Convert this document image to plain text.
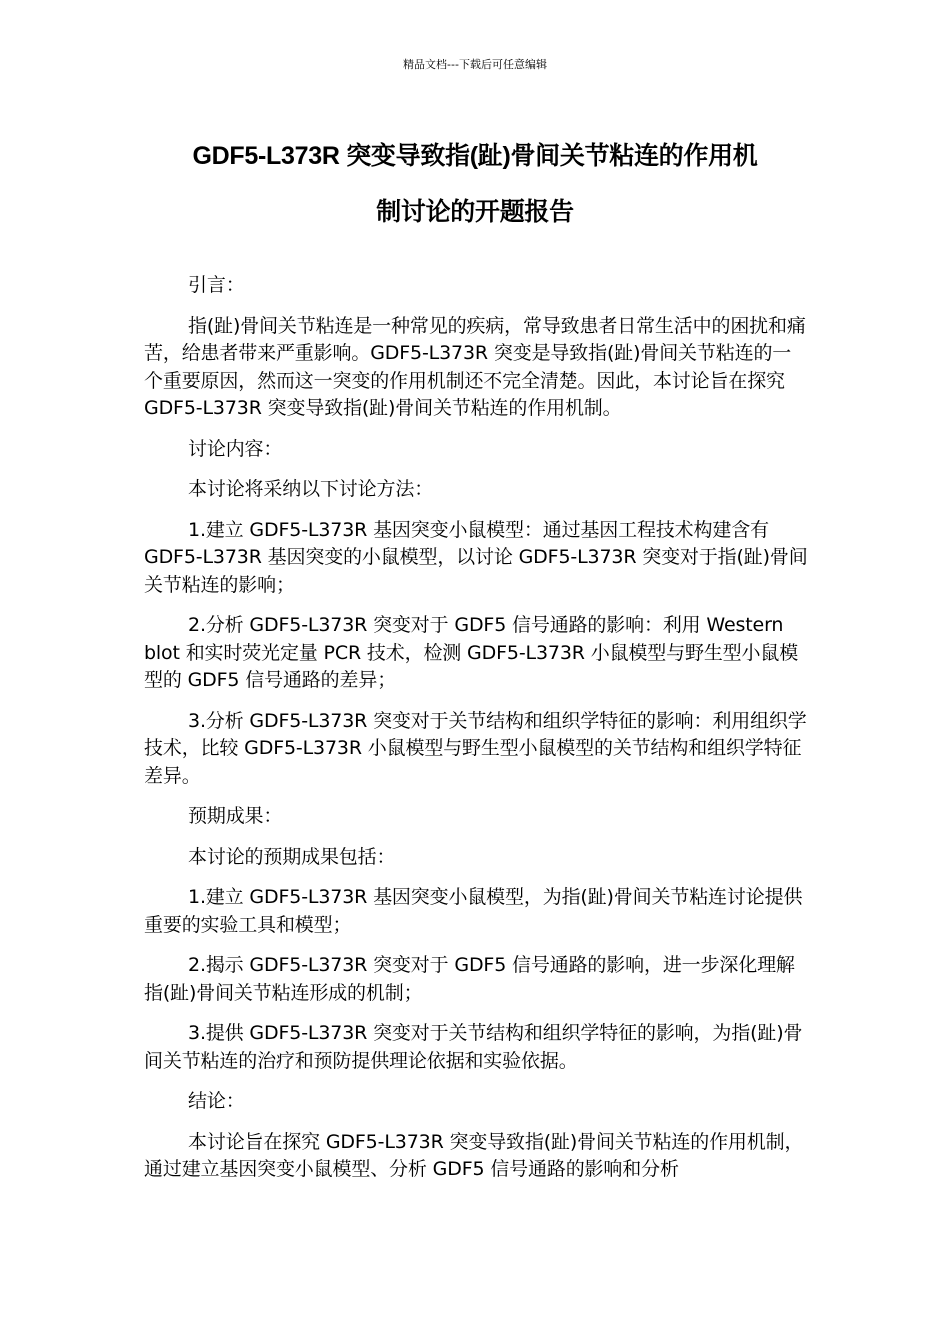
精品文档---下载后可任意编辑
GDF5-L373R 突变导致指(趾)骨间关节粘连的作用机
制讨论的开题报告

引言：

指(趾)骨间关节粘连是一种常见的疾病，常导致患者日常生活中的困扰和痛苦，给患者带来严重影响。GDF5-L373R 突变是导致指(趾)骨间关节粘连的一个重要原因，然而这一突变的作用机制还不完全清楚。因此，本讨论旨在探究 GDF5-L373R 突变导致指(趾)骨间关节粘连的作用机制。

讨论内容：

本讨论将采纳以下讨论方法：

1.建立 GDF5-L373R 基因突变小鼠模型：通过基因工程技术构建含有 GDF5-L373R 基因突变的小鼠模型，以讨论 GDF5-L373R 突变对于指(趾)骨间关节粘连的影响；

2.分析 GDF5-L373R 突变对于 GDF5 信号通路的影响：利用 Western blot 和实时荧光定量 PCR 技术，检测 GDF5-L373R 小鼠模型与野生型小鼠模型的 GDF5 信号通路的差异；

3.分析 GDF5-L373R 突变对于关节结构和组织学特征的影响：利用组织学技术，比较 GDF5-L373R 小鼠模型与野生型小鼠模型的关节结构和组织学特征差异。

预期成果：

本讨论的预期成果包括：

1.建立 GDF5-L373R 基因突变小鼠模型，为指(趾)骨间关节粘连讨论提供重要的实验工具和模型；

2.揭示 GDF5-L373R 突变对于 GDF5 信号通路的影响，进一步深化理解指(趾)骨间关节粘连形成的机制；

3.提供 GDF5-L373R 突变对于关节结构和组织学特征的影响，为指(趾)骨间关节粘连的治疗和预防提供理论依据和实验依据。

结论：

本讨论旨在探究 GDF5-L373R 突变导致指(趾)骨间关节粘连的作用机制，通过建立基因突变小鼠模型、分析 GDF5 信号通路的影响和分析
